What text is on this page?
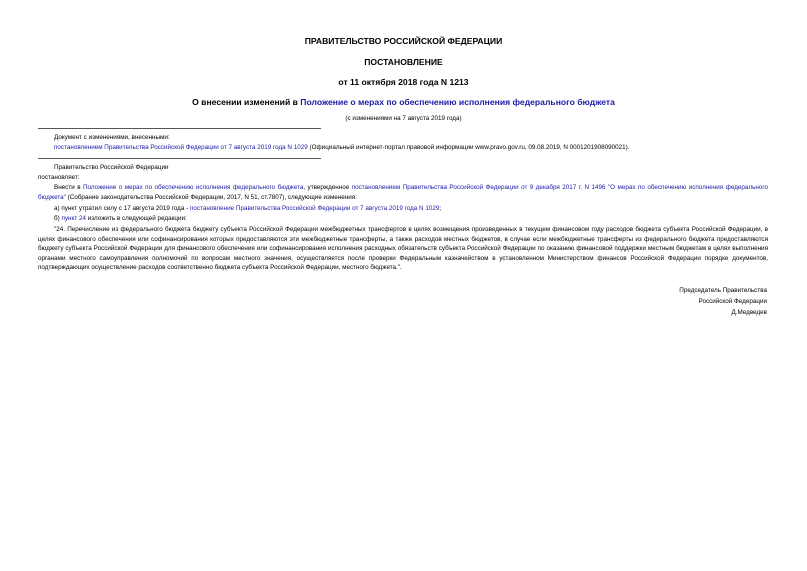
ПРАВИТЕЛЬСТВО РОССИЙСКОЙ ФЕДЕРАЦИИ
ПОСТАНОВЛЕНИЕ
от 11 октября 2018 года N 1213
О внесении изменений в Положение о мерах по обеспечению исполнения федерального бюджета
(с изменениями на 7 августа 2019 года)
Документ с изменениями, внесенными:
постановлением Правительства Российской Федерации от 7 августа 2019 года N 1029 (Официальный интернет-портал правовой информации www.pravo.gov.ru, 09.08.2019, N 0001201908090021).
Правительство Российской Федерации
постановляет:
Внести в Положение о мерах по обеспечению исполнения федерального бюджета, утвержденное постановлением Правительства Российской Федерации от 9 декабря 2017 г. N 1496 "О мерах по обеспечению исполнения федерального бюджета" (Собрание законодательства Российской Федерации, 2017, N 51, ст.7807), следующие изменения:
а) пункт утратил силу с 17 августа 2019 года - постановление Правительства Российской Федерации от 7 августа 2019 года N 1029;
б) пункт 24 изложить в следующей редакции:
"24. Перечисление из федерального бюджета бюджету субъекта Российской Федерации межбюджетных трансфертов в целях возмещения произведенных в текущем финансовом году расходов бюджета субъекта Российской Федерации, в целях финансового обеспечения или софинансирования которых предоставляются эти межбюджетные трансферты, а также расходов местных бюджетов, в случае если межбюджетные трансферты из федерального бюджета предоставляются бюджету субъекта Российской Федерации для финансового обеспечения или софинансирования исполнения расходных обязательств субъекта Российской Федерации по оказанию финансовой поддержки местным бюджетам в целях выполнения органами местного самоуправления полномочий по вопросам местного значения, осуществляется после проверки Федеральным казначейством в установленном Министерством финансов Российской Федерации порядке документов, подтверждающих осуществление расходов соответственно бюджета субъекта Российской Федерации, местного бюджета.".
Председатель Правительства
Российской Федерации
Д.Медведев
